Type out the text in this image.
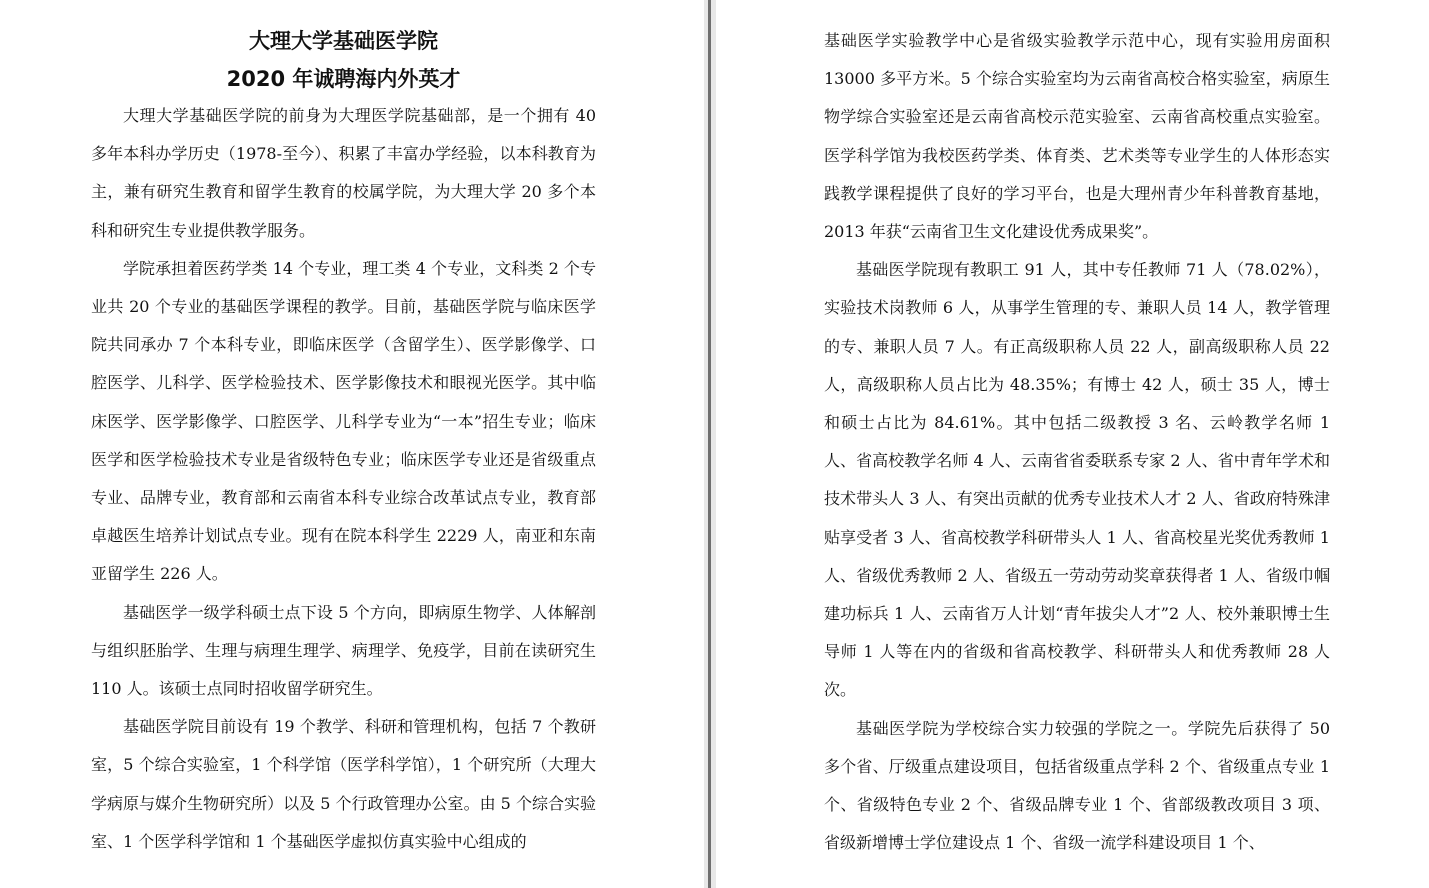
大理大学基础医学院
2020 年诚聘海内外英才

大理大学基础医学院的前身为大理医学院基础部，是一个拥有 40 多年本科办学历史（1978-至今）、积累了丰富办学经验，以本科教育为主，兼有研究生教育和留学生教育的校属学院，为大理大学 20 多个本科和研究生专业提供教学服务。

学院承担着医药学类 14 个专业，理工类 4 个专业，文科类 2 个专业共 20 个专业的基础医学课程的教学。目前，基础医学院与临床医学院共同承办 7 个本科专业，即临床医学（含留学生）、医学影像学、口腔医学、儿科学、医学检验技术、医学影像技术和眼视光医学。其中临床医学、医学影像学、口腔医学、儿科学专业为“一本”招生专业；临床医学和医学检验技术专业是省级特色专业；临床医学专业还是省级重点专业、品牌专业，教育部和云南省本科专业综合改革试点专业，教育部卓越医生培养计划试点专业。现有在院本科学生 2229 人，南亚和东南亚留学生 226 人。

基础医学一级学科硕士点下设 5 个方向，即病原生物学、人体解剖与组织胚胎学、生理与病理生理学、病理学、免疫学，目前在读研究生 110 人。该硕士点同时招收留学研究生。

基础医学院目前设有 19 个教学、科研和管理机构，包括 7 个教研室，5 个综合实验室，1 个科学馆（医学科学馆），1 个研究所（大理大学病原与媒介生物研究所）以及 5 个行政管理办公室。由 5 个综合实验室、1 个医学科学馆和 1 个基础医学虚拟仿真实验中心组成的

基础医学实验教学中心是省级实验教学示范中心，现有实验用房面积 13000 多平方米。5 个综合实验室均为云南省高校合格实验室，病原生物学综合实验室还是云南省高校示范实验室、云南省高校重点实验室。医学科学馆为我校医药学类、体育类、艺术类等专业学生的人体形态实践教学课程提供了良好的学习平台，也是大理州青少年科普教育基地，2013 年获“云南省卫生文化建设优秀成果奖”。

基础医学院现有教职工 91 人，其中专任教师 71 人（78.02%），实验技术岗教师 6 人，从事学生管理的专、兼职人员 14 人，教学管理的专、兼职人员 7 人。有正高级职称人员 22 人，副高级职称人员 22 人，高级职称人员占比为 48.35%；有博士 42 人，硕士 35 人，博士和硕士占比为 84.61%。其中包括二级教授 3 名、云岭教学名师 1 人、省高校教学名师 4 人、云南省省委联系专家 2 人、省中青年学术和技术带头人 3 人、有突出贡献的优秀专业技术人才 2 人、省政府特殊津贴享受者 3 人、省高校教学科研带头人 1 人、省高校星光奖优秀教师 1 人、省级优秀教师 2 人、省级五一劳动劳动奖章获得者 1 人、省级巾帼建功标兵 1 人、云南省万人计划“青年拔尖人才”2 人、校外兼职博士生导师 1 人等在内的省级和省高校教学、科研带头人和优秀教师 28 人次。

基础医学院为学校综合实力较强的学院之一。学院先后获得了 50 多个省、厅级重点建设项目，包括省级重点学科 2 个、省级重点专业 1 个、省级特色专业 2 个、省级品牌专业 1 个、省部级教改项目 3 项、省级新增博士学位建设点 1 个、省级一流学科建设项目 1 个、
